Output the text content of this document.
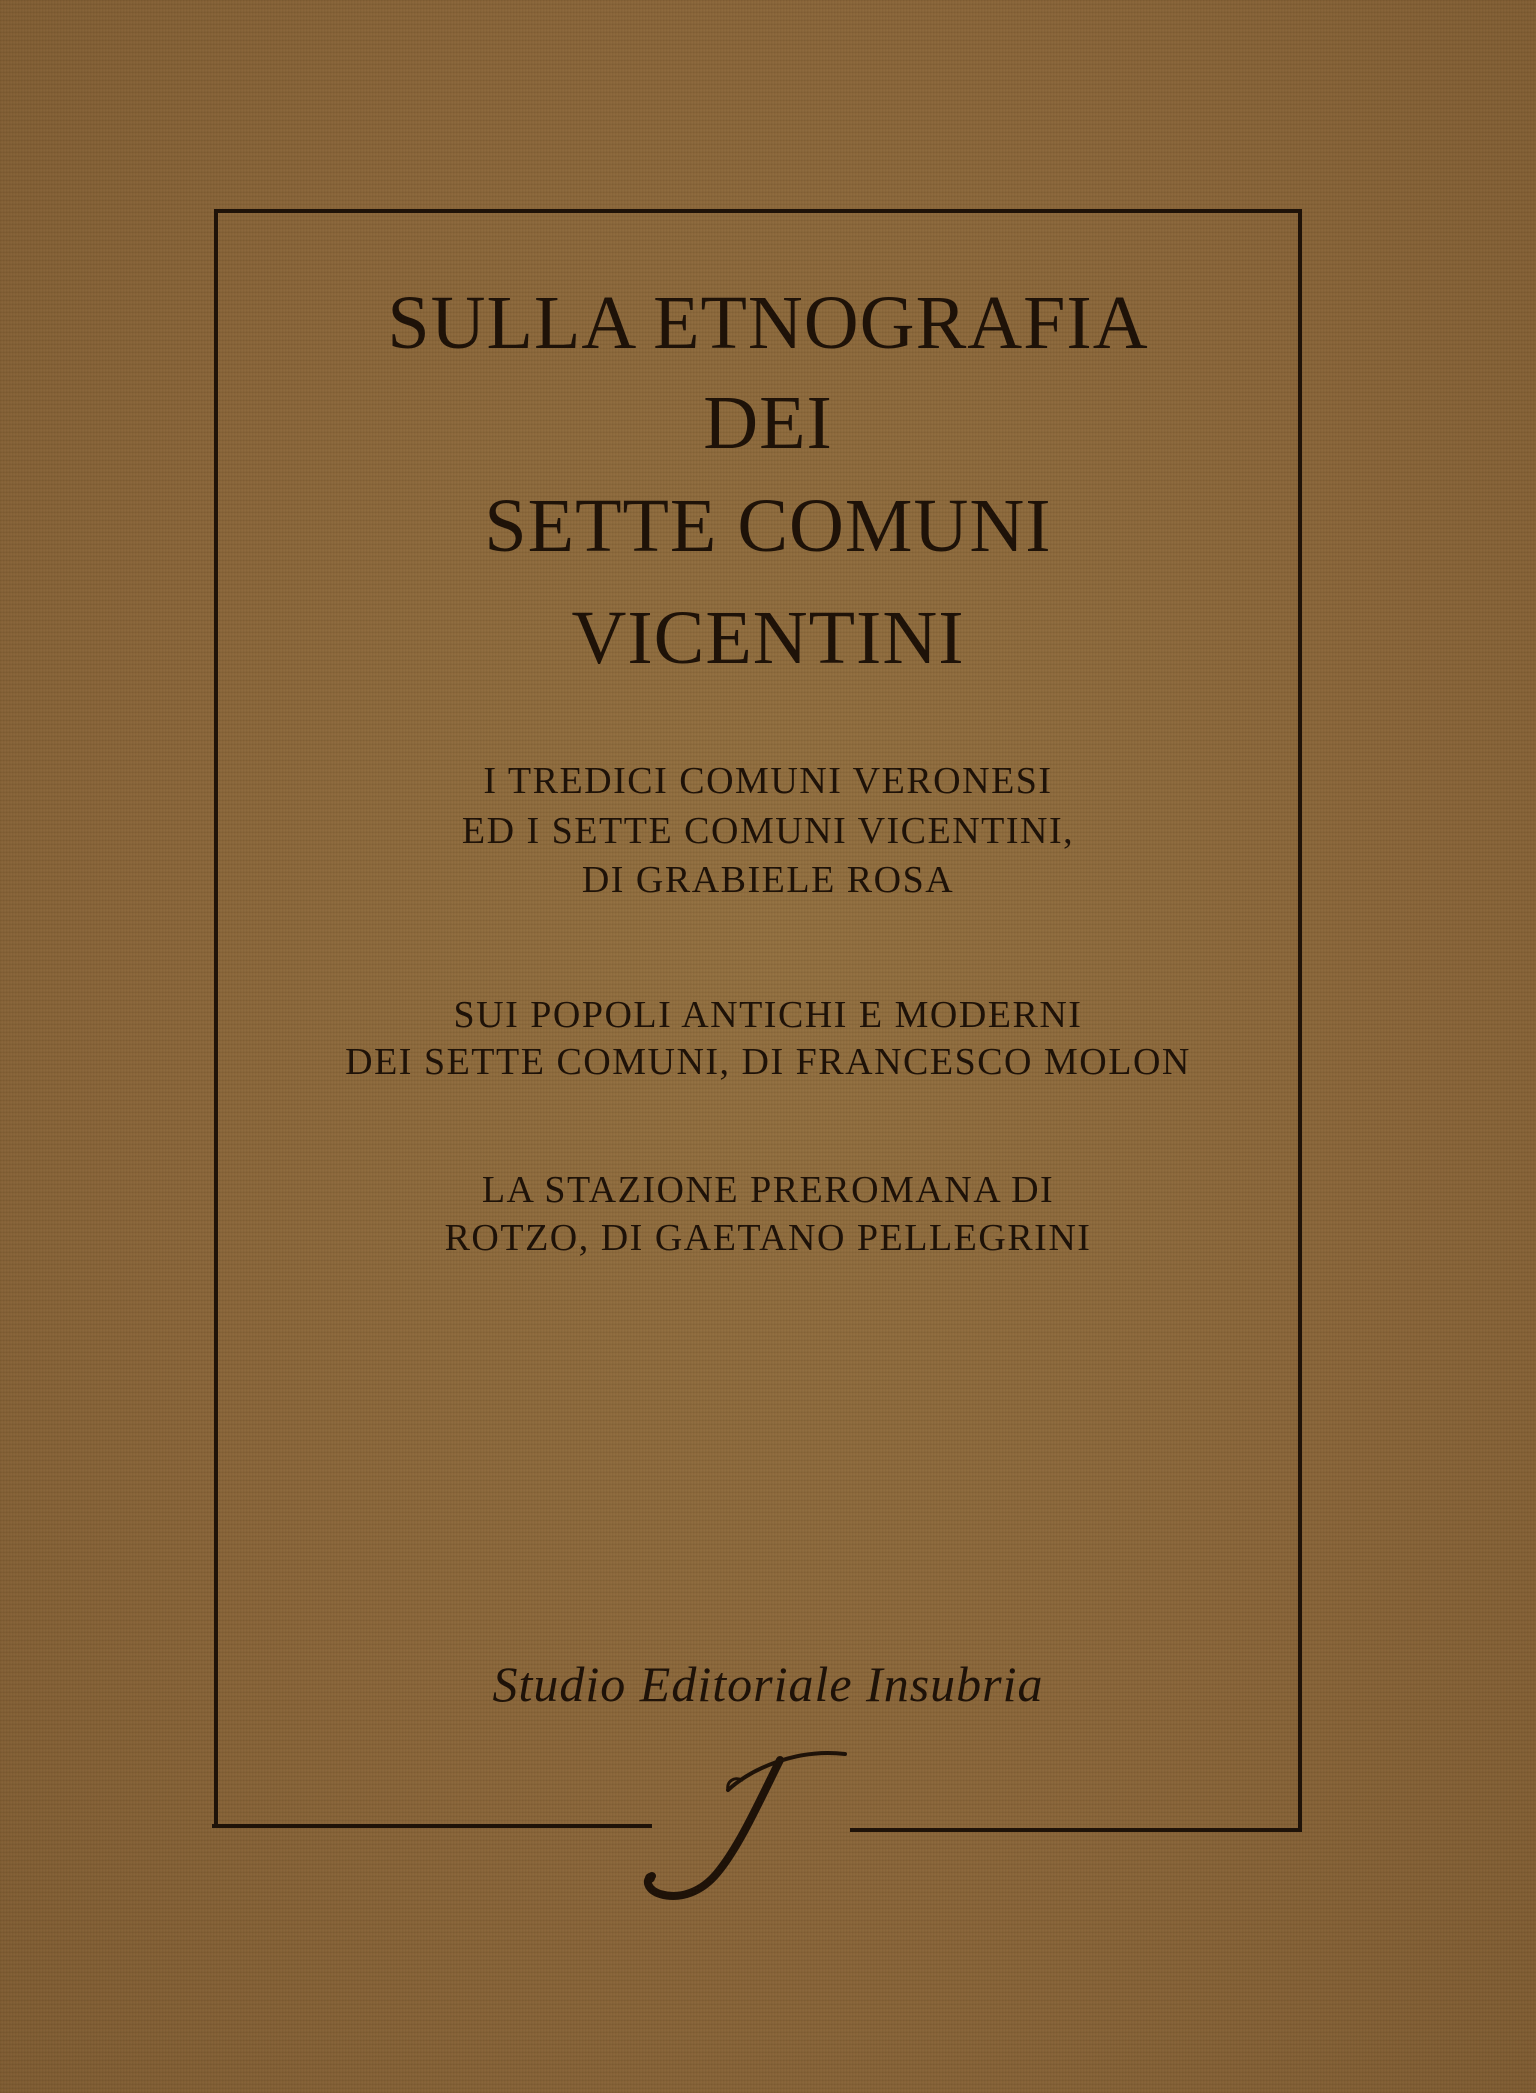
SULLA ETNOGRAFIA
DEI
SETTE COMUNI
VICENTINI
I TREDICI COMUNI VERONESI
ED I SETTE COMUNI VICENTINI,
DI GRABIELE ROSA
SUI POPOLI ANTICHI E MODERNI
DEI SETTE COMUNI, DI FRANCESCO MOLON
LA STAZIONE PREROMANA DI
ROTZO, DI GAETANO PELLEGRINI
Studio Editoriale Insubria
